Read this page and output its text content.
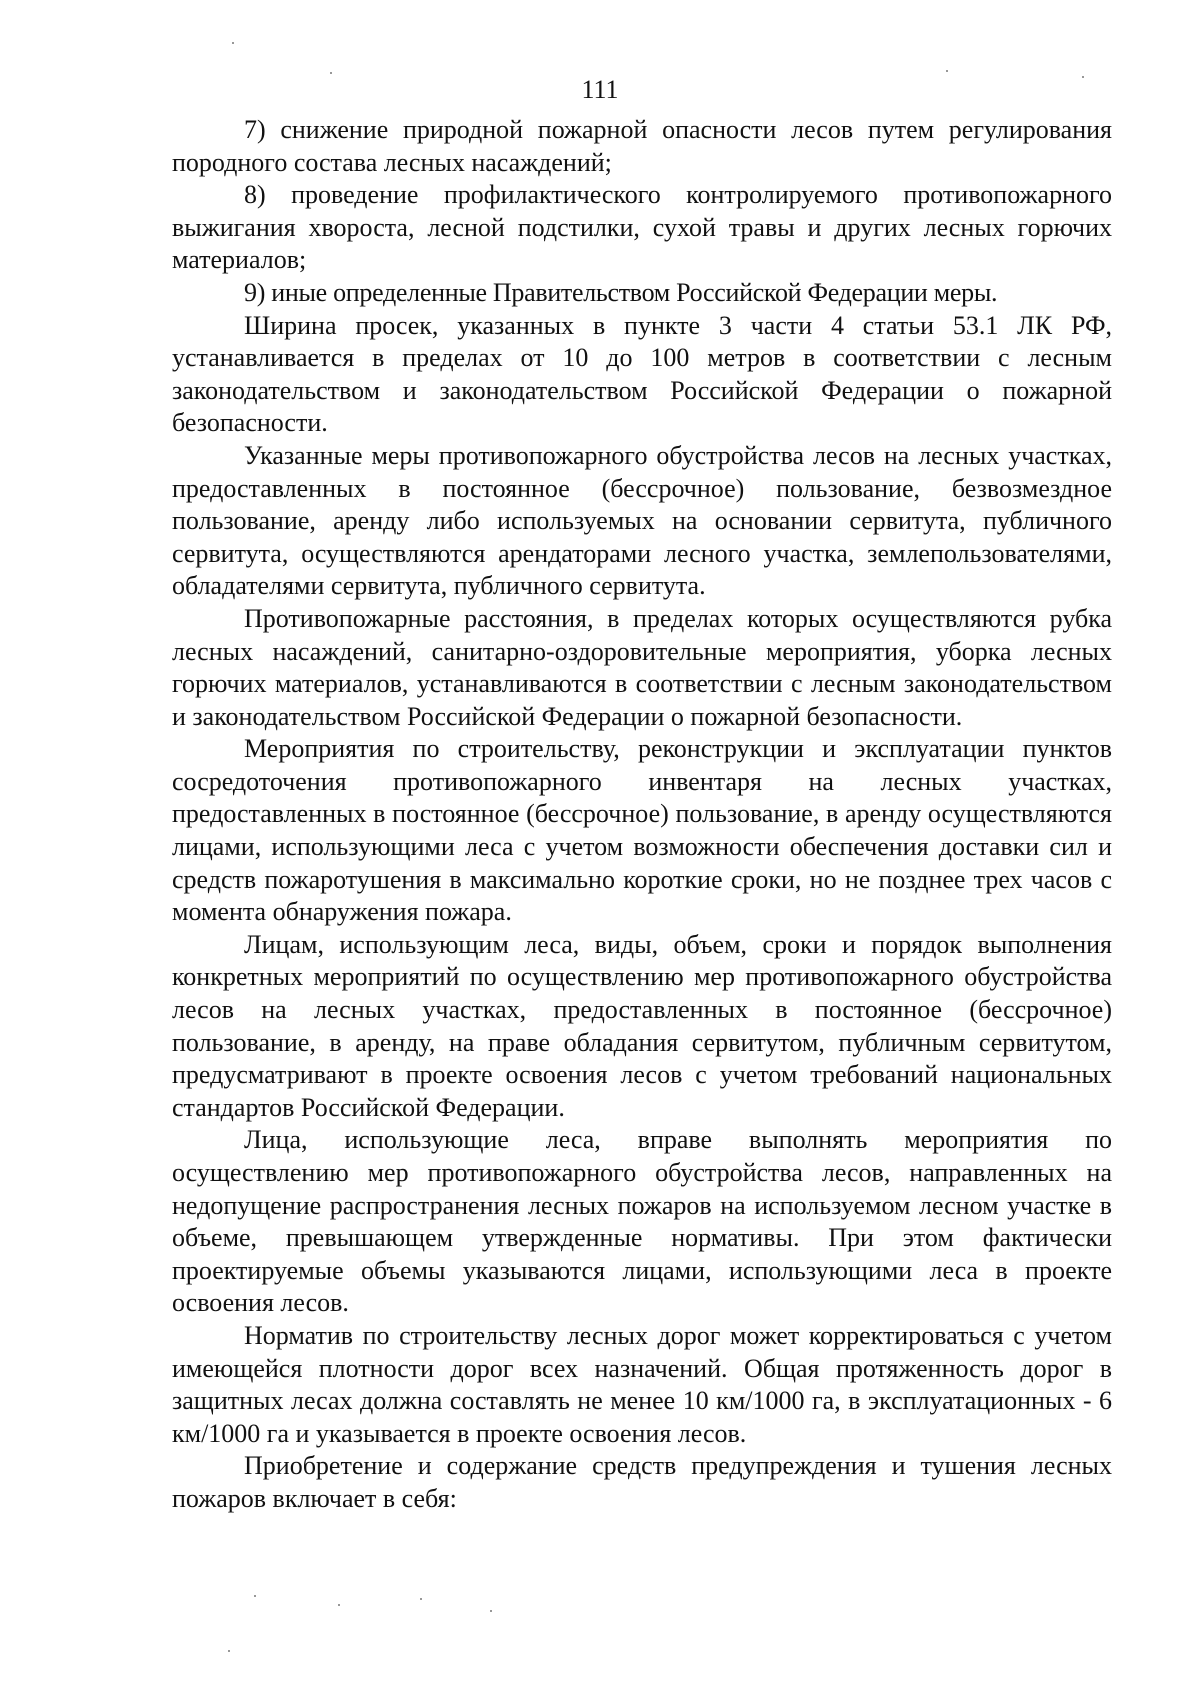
111

7) снижение природной пожарной опасности лесов путем регулирования породного состава лесных насаждений;

8) проведение профилактического контролируемого противопожарного выжигания хвороста, лесной подстилки, сухой травы и других лесных горючих материалов;

9) иные определенные Правительством Российской Федерации меры.

Ширина просек, указанных в пункте 3 части 4 статьи 53.1 ЛК РФ, устанавливается в пределах от 10 до 100 метров в соответствии с лесным законодательством и законодательством Российской Федерации о пожарной безопасности.

Указанные меры противопожарного обустройства лесов на лесных участках, предоставленных в постоянное (бессрочное) пользование, безвозмездное пользование, аренду либо используемых на основании сервитута, публичного сервитута, осуществляются арендаторами лесного участка, землепользователями, обладателями сервитута, публичного сервитута.

Противопожарные расстояния, в пределах которых осуществляются рубка лесных насаждений, санитарно-оздоровительные мероприятия, уборка лесных горючих материалов, устанавливаются в соответствии с лесным законодательством и законодательством Российской Федерации о пожарной безопасности.

Мероприятия по строительству, реконструкции и эксплуатации пунктов сосредоточения противопожарного инвентаря на лесных участках, предоставленных в постоянное (бессрочное) пользование, в аренду осуществляются лицами, использующими леса с учетом возможности обеспечения доставки сил и средств пожаротушения в максимально короткие сроки, но не позднее трех часов с момента обнаружения пожара.

Лицам, использующим леса, виды, объем, сроки и порядок выполнения конкретных мероприятий по осуществлению мер противопожарного обустройства лесов на лесных участках, предоставленных в постоянное (бессрочное) пользование, в аренду, на праве обладания сервитутом, публичным сервитутом, предусматривают в проекте освоения лесов с учетом требований национальных стандартов Российской Федерации.

Лица, использующие леса, вправе выполнять мероприятия по осуществлению мер противопожарного обустройства лесов, направленных на недопущение распространения лесных пожаров на используемом лесном участке в объеме, превышающем утвержденные нормативы. При этом фактически проектируемые объемы указываются лицами, использующими леса в проекте освоения лесов.

Норматив по строительству лесных дорог может корректироваться с учетом имеющейся плотности дорог всех назначений. Общая протяженность дорог в защитных лесах должна составлять не менее 10 км/1000 га, в эксплуатационных - 6 км/1000 га и указывается в проекте освоения лесов.

Приобретение и содержание средств предупреждения и тушения лесных пожаров включает в себя:
